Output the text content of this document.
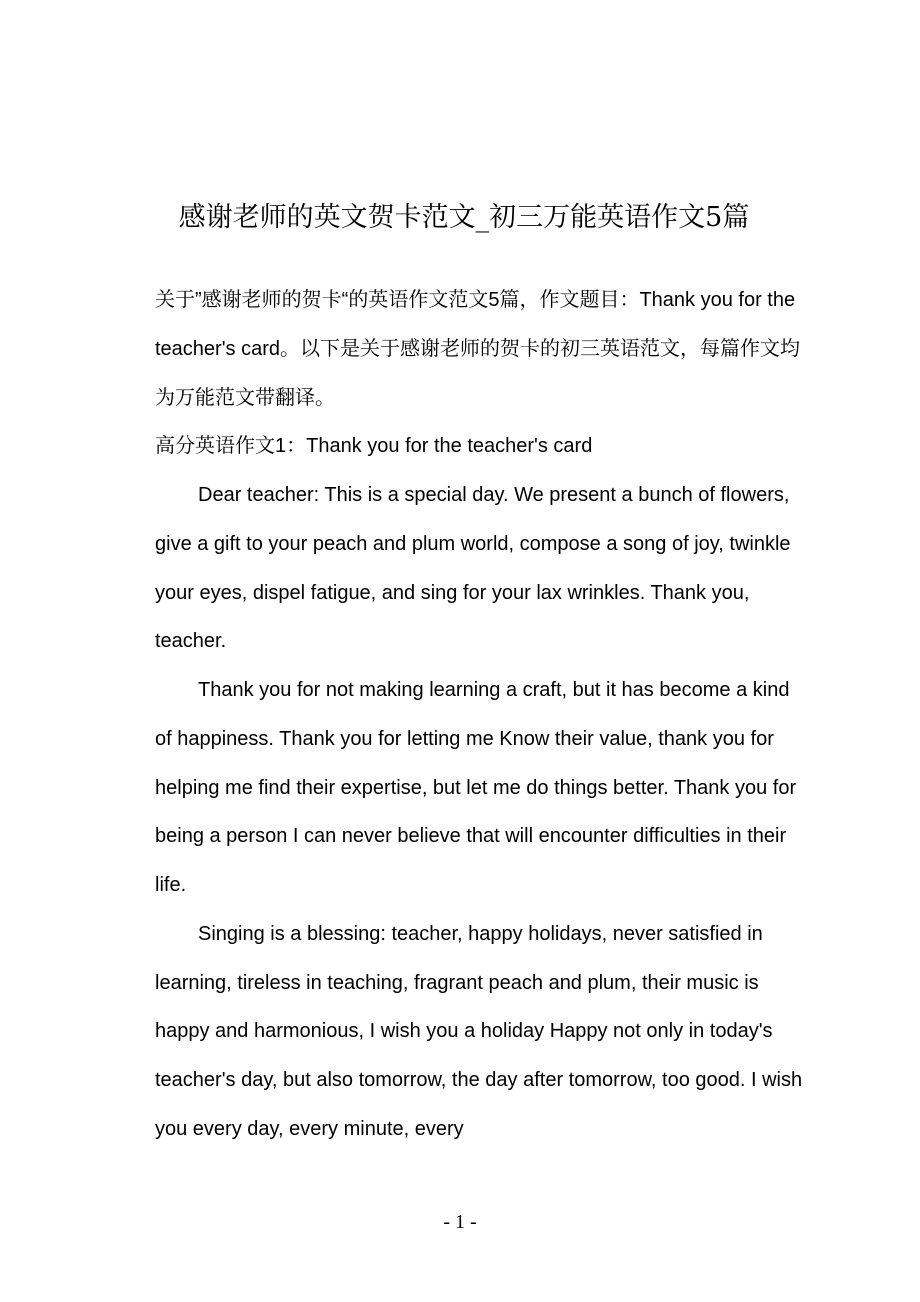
感谢老师的英文贺卡范文_初三万能英语作文5篇

关于”感谢老师的贺卡“的英语作文范文5篇，作文题目：Thank you for the teacher's card。以下是关于感谢老师的贺卡的初三英语范文，每篇作文均为万能范文带翻译。

高分英语作文1：Thank you for the teacher's card

Dear teacher: This is a special day. We present a bunch of flowers, give a gift to your peach and plum world, compose a song of joy, twinkle your eyes, dispel fatigue, and sing for your lax wrinkles. Thank you, teacher.

Thank you for not making learning a craft, but it has become a kind of happiness. Thank you for letting me Know their value, thank you for helping me find their expertise, but let me do things better. Thank you for being a person I can never believe that will encounter difficulties in their life.

Singing is a blessing: teacher, happy holidays, never satisfied in learning, tireless in teaching, fragrant peach and plum, their music is happy and harmonious, I wish you a holiday Happy not only in today's teacher's day, but also tomorrow, the day after tomorrow, too good. I wish you every day, every minute, every

- 1 -
